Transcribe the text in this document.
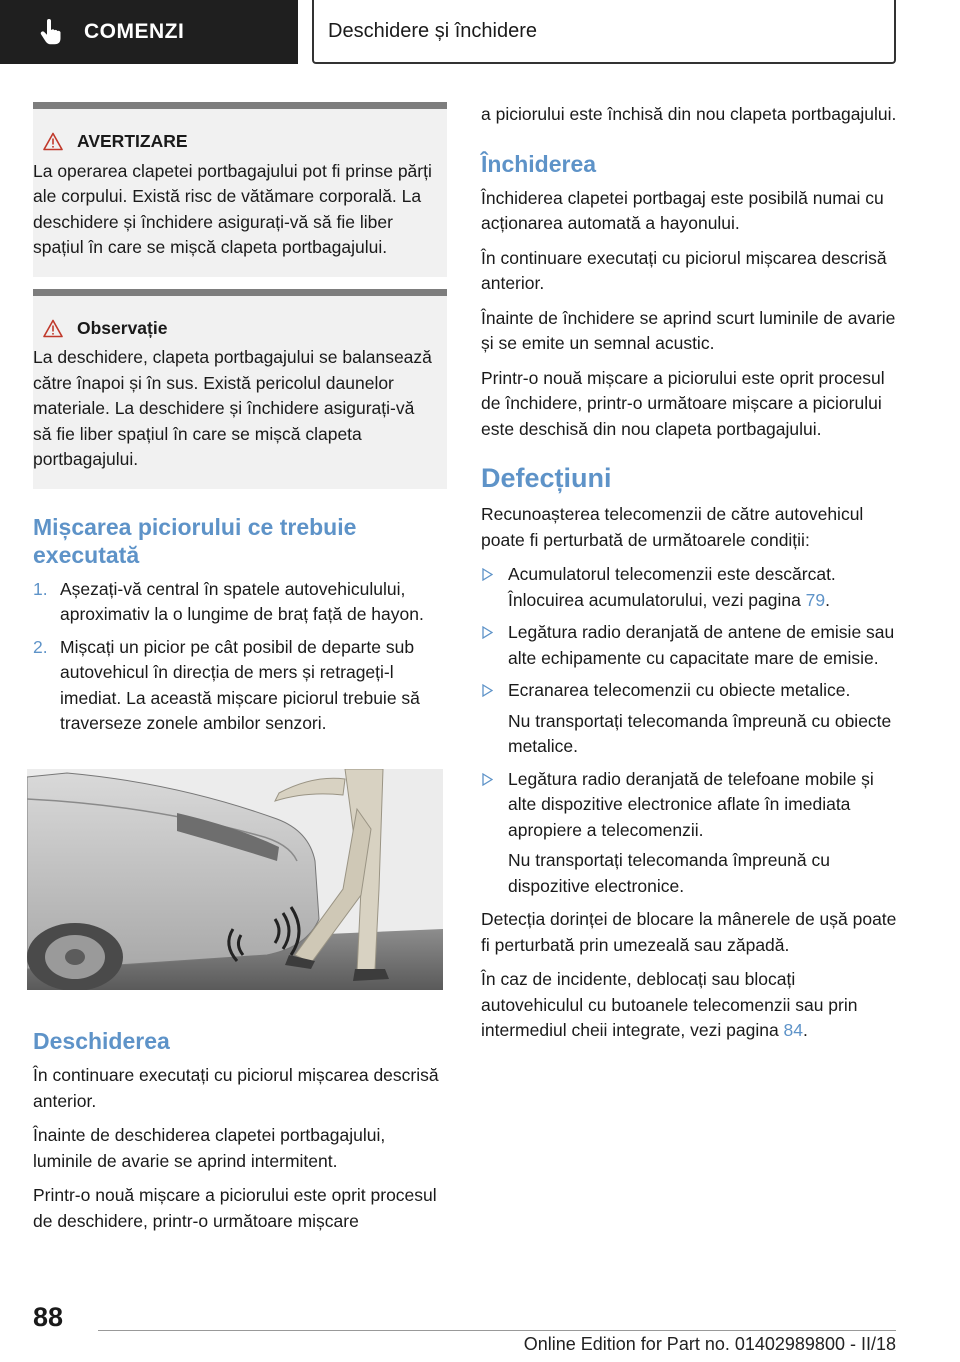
COMENZI	Deschidere și închidere
AVERTIZARE

La operarea clapetei portbagajului pot fi prinse părți ale corpului. Există risc de vătămare corporală. La deschidere și închidere asigurați-vă să fie liber spațiul în care se mișcă clapeta portbagajului.

Observație

La deschidere, clapeta portbagajului se balansează către înapoi și în sus. Există pericolul daunelor materiale. La deschidere și închidere asigurați-vă să fie liber spațiul în care se mișcă clapeta portbagajului.

Mișcarea piciorului ce trebuie executată
1. Așezați-vă central în spatele autovehiculului, aproximativ la o lungime de braț față de hayon.
2. Mișcați un picior pe cât posibil de departe sub autovehicul în direcția de mers și retrageți-l imediat. La această mișcare piciorul trebuie să traverseze zonele ambilor senzori.
Deschiderea

În continuare executați cu piciorul mișcarea descrisă anterior.

Înainte de deschiderea clapetei portbagajului, luminile de avarie se aprind intermitent.

Printr-o nouă mișcare a piciorului este oprit procesul de deschidere, printr-o următoare mișcare

a piciorului este închisă din nou clapeta portbagajului.

Închiderea

Închiderea clapetei portbagaj este posibilă numai cu acționarea automată a hayonului.

În continuare executați cu piciorul mișcarea descrisă anterior.

Înainte de închidere se aprind scurt luminile de avarie și se emite un semnal acustic.

Printr-o nouă mișcare a piciorului este oprit procesul de închidere, printr-o următoare mișcare a piciorului este deschisă din nou clapeta portbagajului.

Defecțiuni

Recunoașterea telecomenzii de către autovehicul poate fi perturbată de următoarele condiții:

Acumulatorul telecomenzii este descărcat. Înlocuirea acumulatorului, vezi pagina 79.
Legătura radio deranjată de antene de emisie sau alte echipamente cu capacitate mare de emisie.
Ecranarea telecomenzii cu obiecte metalice.

Nu transportați telecomanda împreună cu obiecte metalice.

Legătura radio deranjată de telefoane mobile și alte dispozitive electronice aflate în imediata apropiere a telecomenzii.

Nu transportați telecomanda împreună cu dispozitive electronice.

Detecția dorinței de blocare la mânerele de ușă poate fi perturbată prin umezeală sau zăpadă.

În caz de incidente, deblocați sau blocați autovehiculul cu butoanele telecomenzii sau prin intermediul cheii integrate, vezi pagina 84.

88
Online Edition for Part no. 01402989800 - II/18
